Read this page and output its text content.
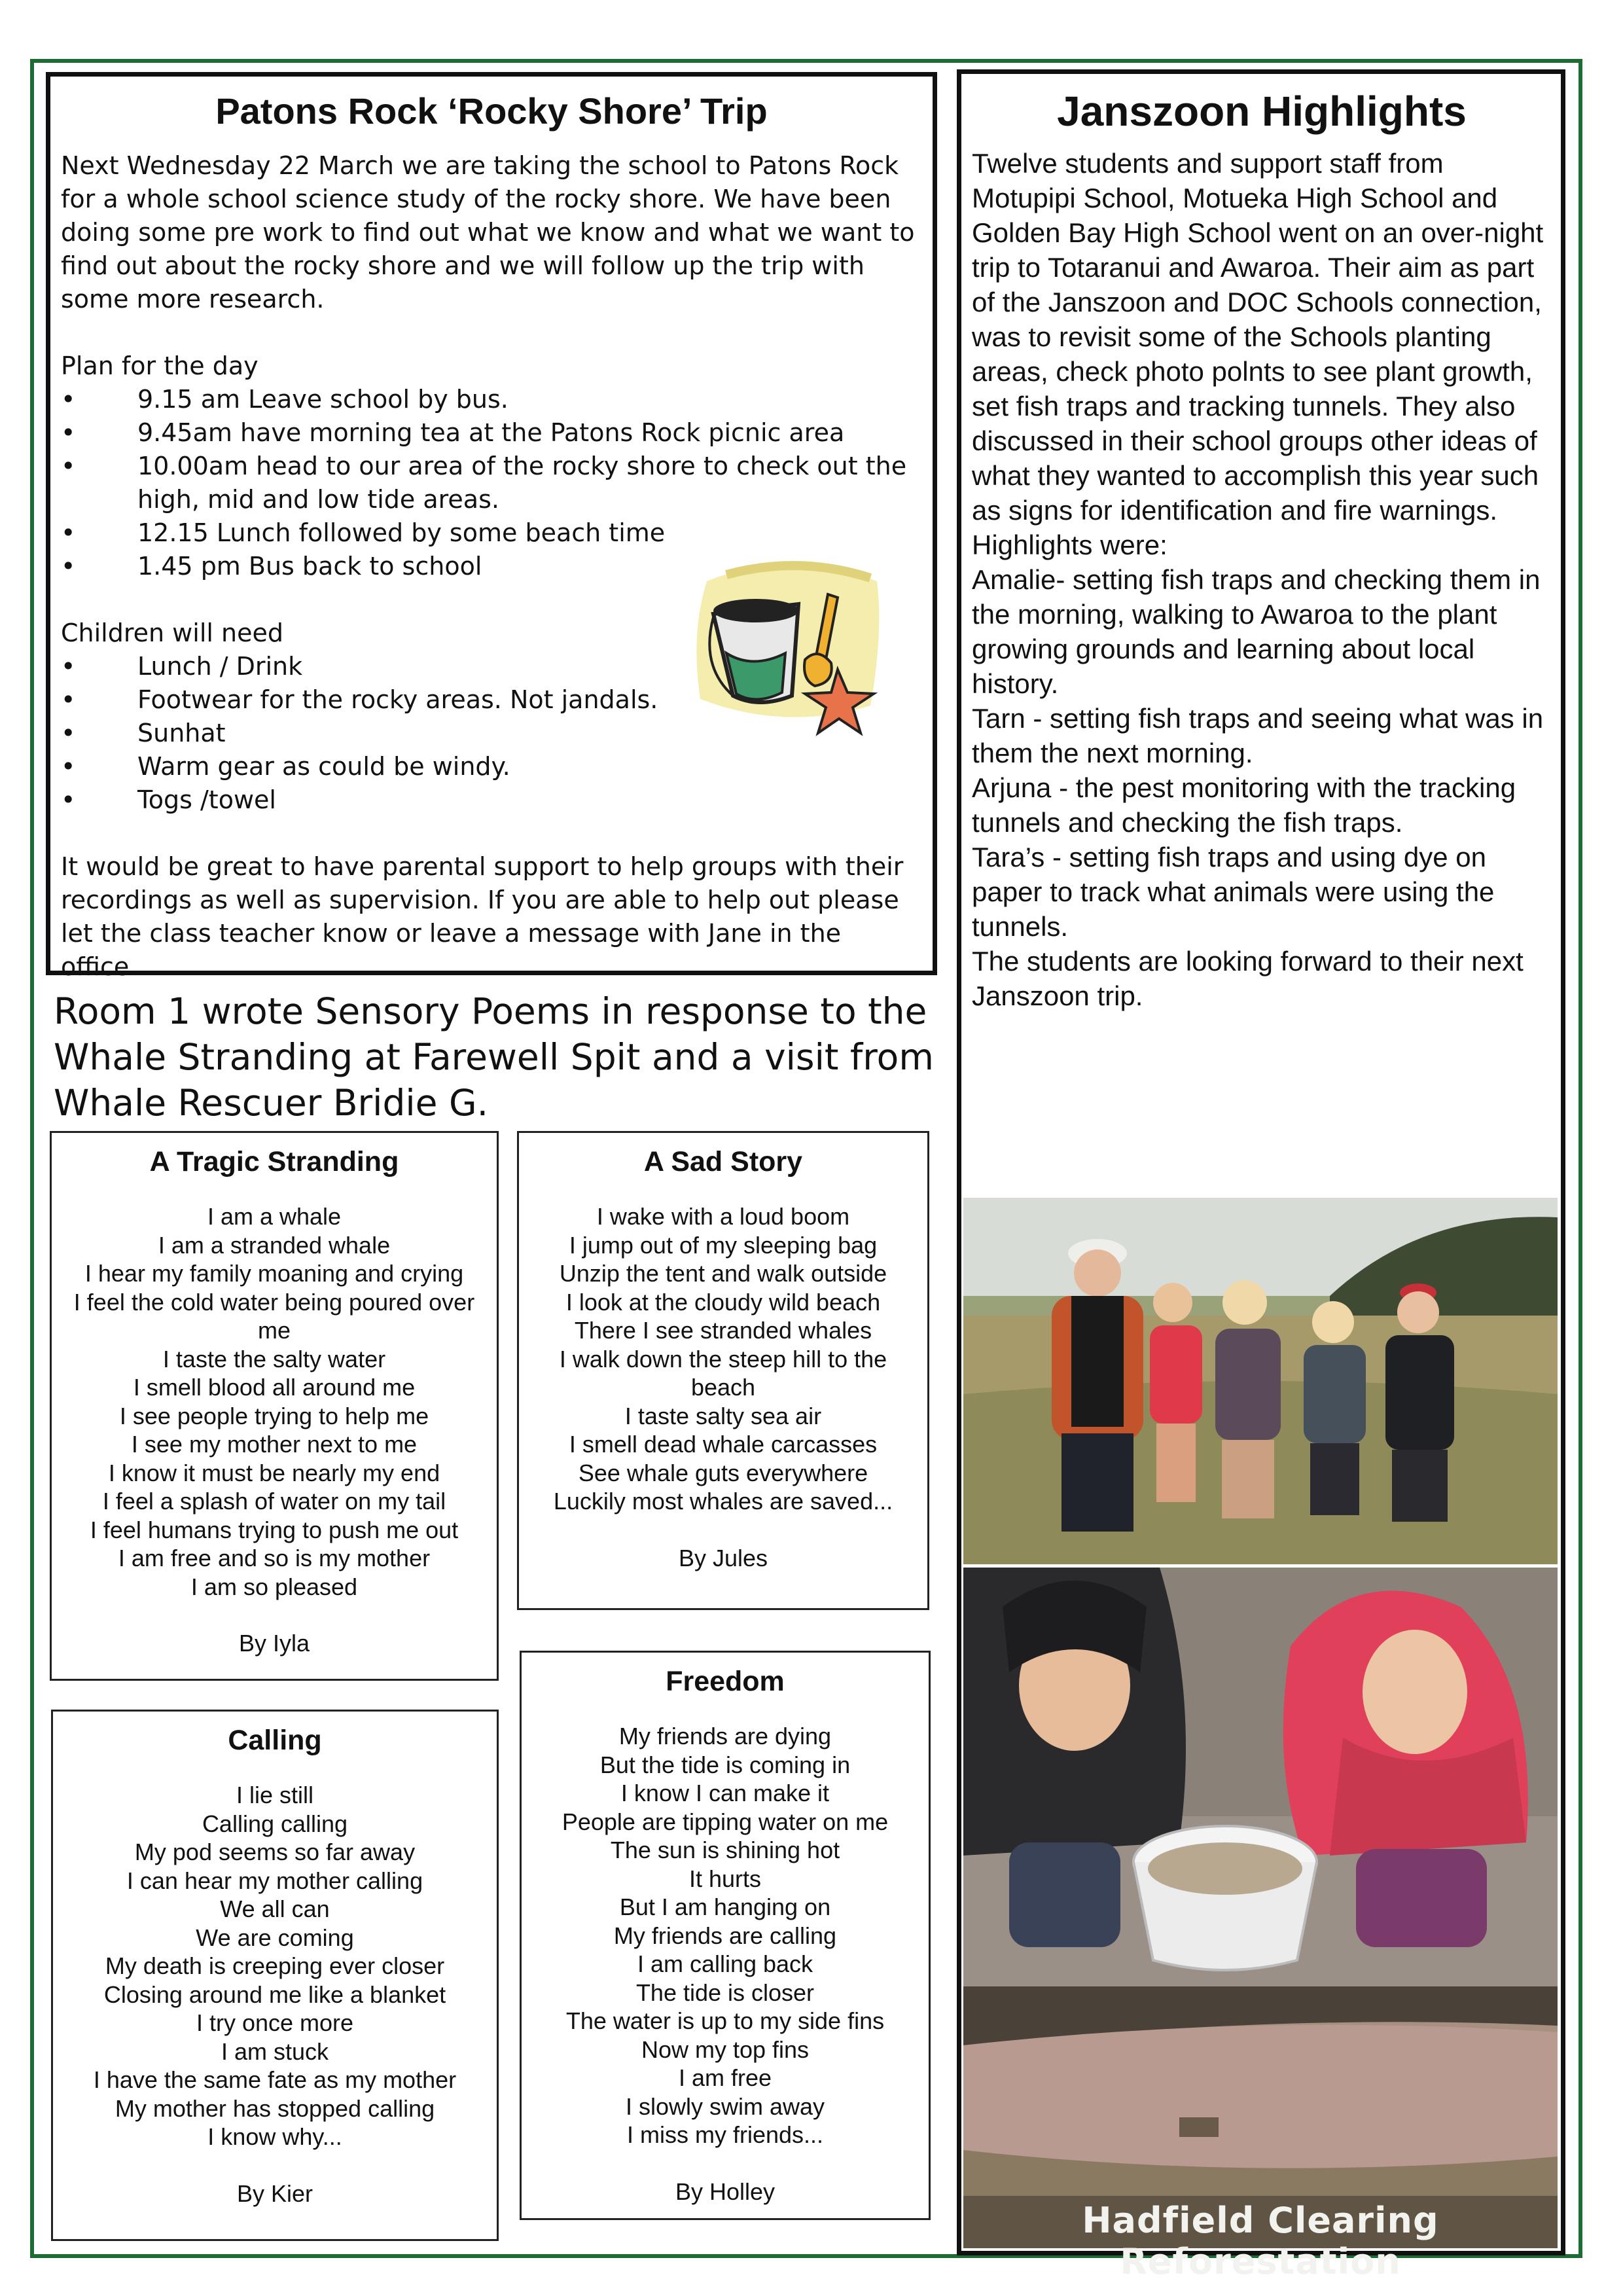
Patons Rock ‘Rocky Shore’ Trip

Next Wednesday 22 March we are taking the school to Patons Rock for a whole school science study of the rocky shore. We have been doing some pre work to find out what we know and what we want to find out about the rocky shore and we will follow up the trip with some more research.

Plan for the day

• 9.15 am Leave school by bus.
• 9.45am have morning tea at the Patons Rock picnic area
• 10.00am head to our area of the rocky shore to check out the high, mid and low tide areas.
• 12.15 Lunch followed by some beach time
• 1.45 pm Bus back to school

Children will need

• Lunch / Drink
• Footwear for the rocky areas. Not jandals.
• Sunhat
• Warm gear as could be windy.
• Togs /towel

It would be great to have parental support to help groups with their recordings as well as supervision. If you are able to help out please let the class teacher know or leave a message with Jane in the office.

Janszoon Highlights

Twelve students and support staff from Motupipi School, Motueka High School and Golden Bay High School went on an over-night trip to Totaranui and Awaroa. Their aim as part of the Janszoon and DOC Schools connection, was to revisit some of the Schools planting areas, check photo polnts to see plant growth, set fish traps and tracking tunnels. They also discussed in their school groups other ideas of what they wanted to accomplish this year such as signs for identification and fire warnings.

Highlights were:

Amalie- setting fish traps and checking them in the morning, walking to Awaroa to the plant growing grounds and learning about local history.

Tarn - setting fish traps and seeing what was in them the next morning.

Arjuna - the pest monitoring with the tracking tunnels and checking the fish traps.

Tara’s - setting fish traps and using dye on paper to track what animals were using the tunnels.

The students are looking forward to their next Janszoon trip.

Hadfield Clearing Reforestation
Room 1 wrote Sensory Poems in response to the Whale Stranding at Farewell Spit and a visit from Whale Rescuer Bridie G.
A Tragic Stranding

I am a whale

I am a stranded whale

I hear my family moaning and crying

I feel the cold water being poured over me

I taste the salty water

I smell blood all around me

I see people trying to help me

I see my mother next to me

I know it must be nearly my end

I feel a splash of water on my tail

I feel humans trying to push me out

I am free and so is my mother

I am so pleased

By Iyla

A Sad Story

I wake with a loud boom

I jump out of my sleeping bag

Unzip the tent and walk outside

I look at the cloudy wild beach

There I see stranded whales

I walk down the steep hill to the beach

I taste salty sea air

I smell dead whale carcasses

See whale guts everywhere

Luckily most whales are saved...

By Jules

Calling

I lie still

Calling calling

My pod seems so far away

I can hear my mother calling

We all can

We are coming

My death is creeping ever closer

Closing around me like a blanket

I try once more

I am stuck

I have the same fate as my mother

My mother has stopped calling

I know why...

By Kier

Freedom

My friends are dying

But the tide is coming in

I know I can make it

People are tipping water on me

The sun is shining hot

It hurts

But I am hanging on

My friends are calling

I am calling back

The tide is closer

The water is up to my side fins

Now my top fins

I am free

I slowly swim away

I miss my friends...

By Holley
